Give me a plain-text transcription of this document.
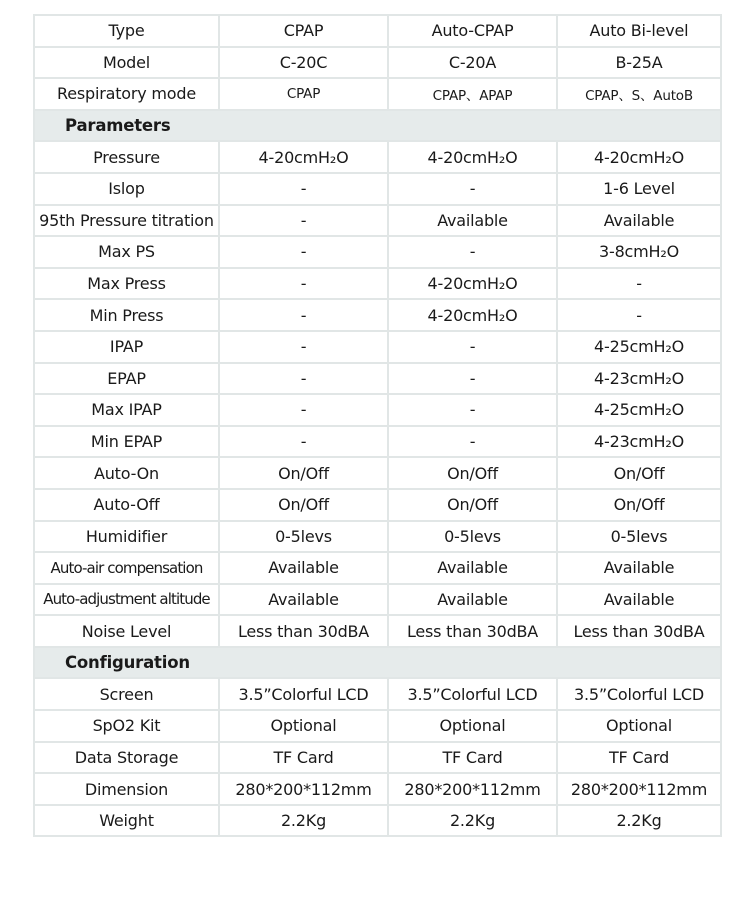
Type	CPAP	Auto-CPAP	Auto Bi-level
Model	C-20C	C-20A	B-25A
Respiratory mode	CPAP	CPAP、APAP	CPAP、S、AutoB
Parameters			
Pressure	4-20cmH₂O	4-20cmH₂O	4-20cmH₂O
Islop	-	-	1-6 Level
95th Pressure titration	-	Available	Available
Max PS	-	-	3-8cmH₂O
Max Press	-	4-20cmH₂O	-
Min Press	-	4-20cmH₂O	-
IPAP	-	-	4-25cmH₂O
EPAP	-	-	4-23cmH₂O
Max IPAP	-	-	4-25cmH₂O
Min EPAP	-	-	4-23cmH₂O
Auto-On	On/Off	On/Off	On/Off
Auto-Off	On/Off	On/Off	On/Off
Humidifier	0-5levs	0-5levs	0-5levs
Auto-air compensation	Available	Available	Available
Auto-adjustment altitude	Available	Available	Available
Noise Level	Less than 30dBA	Less than 30dBA	Less than 30dBA
Configuration			
Screen	3.5”Colorful LCD	3.5”Colorful LCD	3.5”Colorful LCD
SpO2 Kit	Optional	Optional	Optional
Data Storage	TF Card	TF Card	TF Card
Dimension	280*200*112mm	280*200*112mm	280*200*112mm
Weight	2.2Kg	2.2Kg	2.2Kg
